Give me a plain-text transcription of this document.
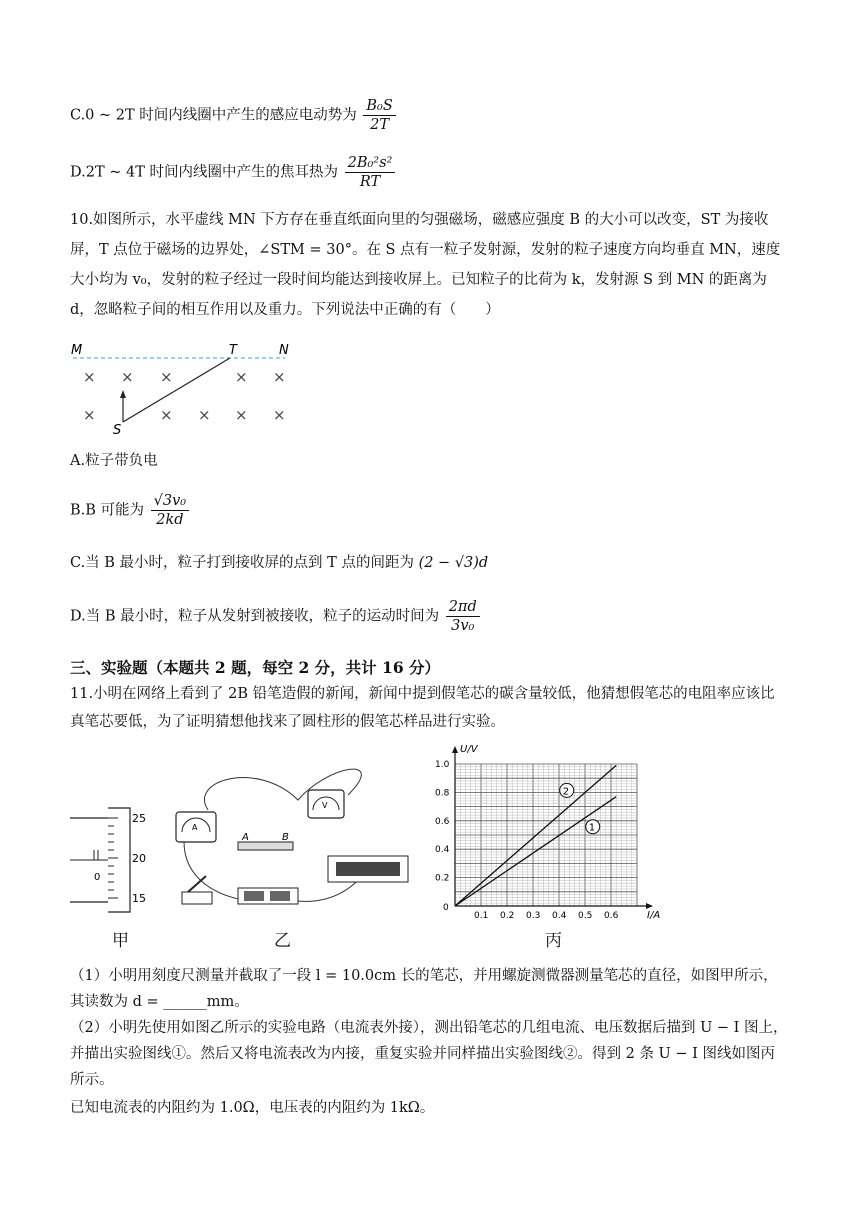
C.0 ~ 2T 时间内线圈中产生的感应电动势为 $\frac{\text{B₀S}}{2T}$
D.2T ~ 4T 时间内线圈中产生的焦耳热为 $\frac{\text{2B₀²s²}}{RT}$
10.如图所示，水平虚线 MN 下方存在垂直纸面向里的匀强磁场，磁感应强度 B 的大小可以改变，ST 为接收屏，T 点位于磁场的边界处，∠STM = 30°。在 S 点有一粒子发射源，发射的粒子速度方向均垂直 MN，速度大小均为 v₀，发射的粒子经过一段时间均能达到接收屏上。已知粒子的比荷为 k，发射源 S 到 MN 的距离为 d，忽略粒子间的相互作用以及重力。下列说法中正确的有（　　）
M	T	N
× × ×	× ×
×	× × × ×
S
A.粒子带负电
B.B 可能为 $\frac{\text{√3v₀}}{2kd}$
C.当 B 最小时，粒子打到接收屏的点到 T 点的间距为 (2 − √3)d
D.当 B 最小时，粒子从发射到被接收，粒子的运动时间为 $\frac{2\pi d}{\text{3v₀}}$
三、实验题（本题共 2 题，每空 2 分，共计 16 分）
11.小明在网络上看到了 2B 铅笔造假的新闻，新闻中提到假笔芯的碳含量较低，他猜想假笔芯的电阻率应该比
真笔芯要低，为了证明猜想他找来了圆柱形的假笔芯样品进行实验。
0
25
20
15
甲
A
V
A	B
乙
0.1 0.2 0.3 0.4 0.5 0.6
0.2
0.4
0.6
0.8
1.0
0
I/A
U/V
1
2
丙
（1）小明用刻度尺测量并截取了一段 l = 10.0cm 长的笔芯，并用螺旋测微器测量笔芯的直径，如图甲所示，
其读数为 d = ______mm。
（2）小明先使用如图乙所示的实验电路（电流表外接），测出铅笔芯的几组电流、电压数据后描到 U − I 图上，
并描出实验图线①。然后又将电流表改为内接，重复实验并同样描出实验图线②。得到 2 条 U − I 图线如图丙
所示。
已知电流表的内阻约为 1.0Ω，电压表的内阻约为 1kΩ。
